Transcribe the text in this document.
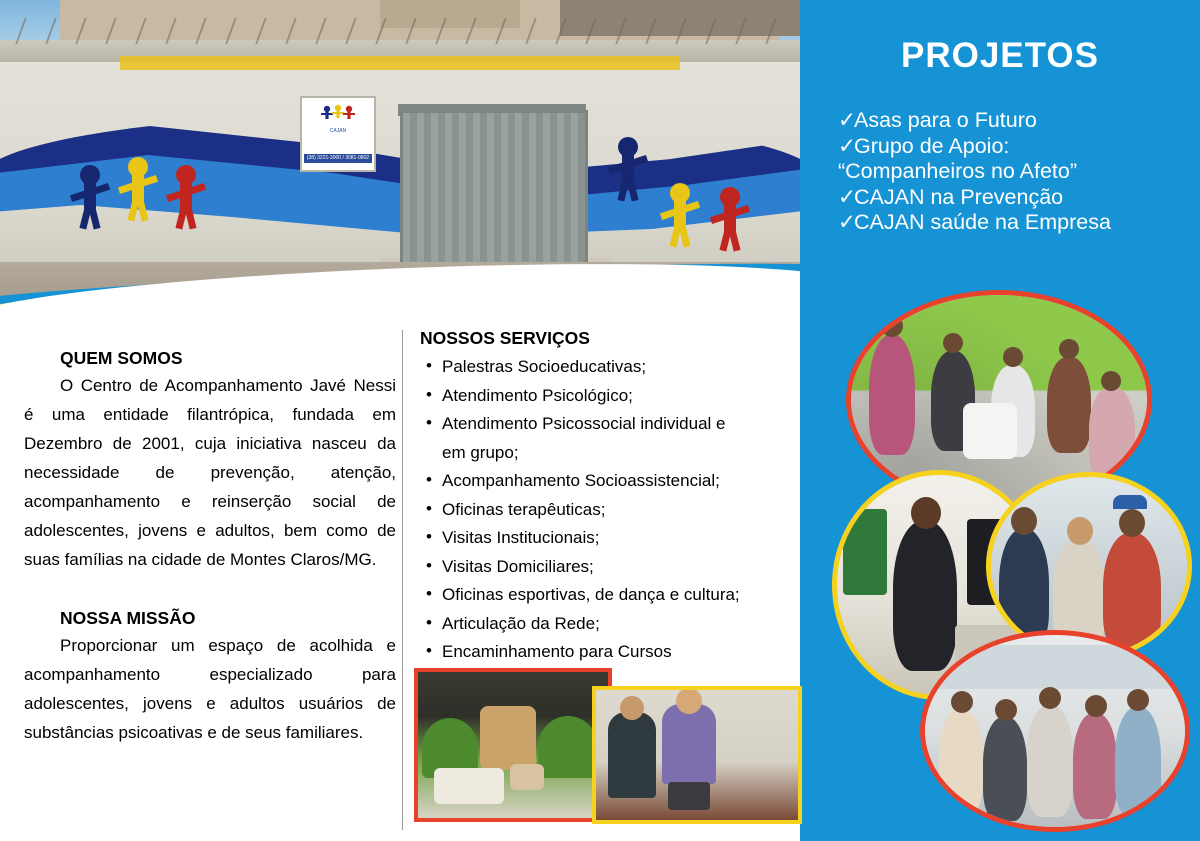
CAJAN
(38) 3221-3000 / 3081-0802
PROJETOS
✓Asas para o Futuro
✓Grupo de Apoio:
“Companheiros no Afeto”
✓CAJAN na Prevenção
✓CAJAN saúde na Empresa
QUEM SOMOS

O Centro de Acompanhamento Javé Nessi é uma entidade filantrópica, fundada em Dezembro de 2001, cuja iniciativa nasceu da necessidade de prevenção, atenção, acompanhamento e reinserção social de adolescentes, jovens e adultos, bem como de suas famílias na cidade de Montes Claros/MG.

NOSSA MISSÃO

Proporcionar um espaço de acolhida e acompanhamento especializado para adolescentes, jovens e adultos usuários de substâncias psicoativas e de seus familiares.

NOSSOS SERVIÇOS
• Palestras Socioeducativas;
• Atendimento Psicológico;
• Atendimento Psicossocial individual e
em grupo;
• Acompanhamento Socioassistencial;
• Oficinas terapêuticas;
• Visitas Institucionais;
• Visitas Domiciliares;
• Oficinas esportivas, de dança e cultura;
• Articulação da Rede;
• Encaminhamento para Cursos
